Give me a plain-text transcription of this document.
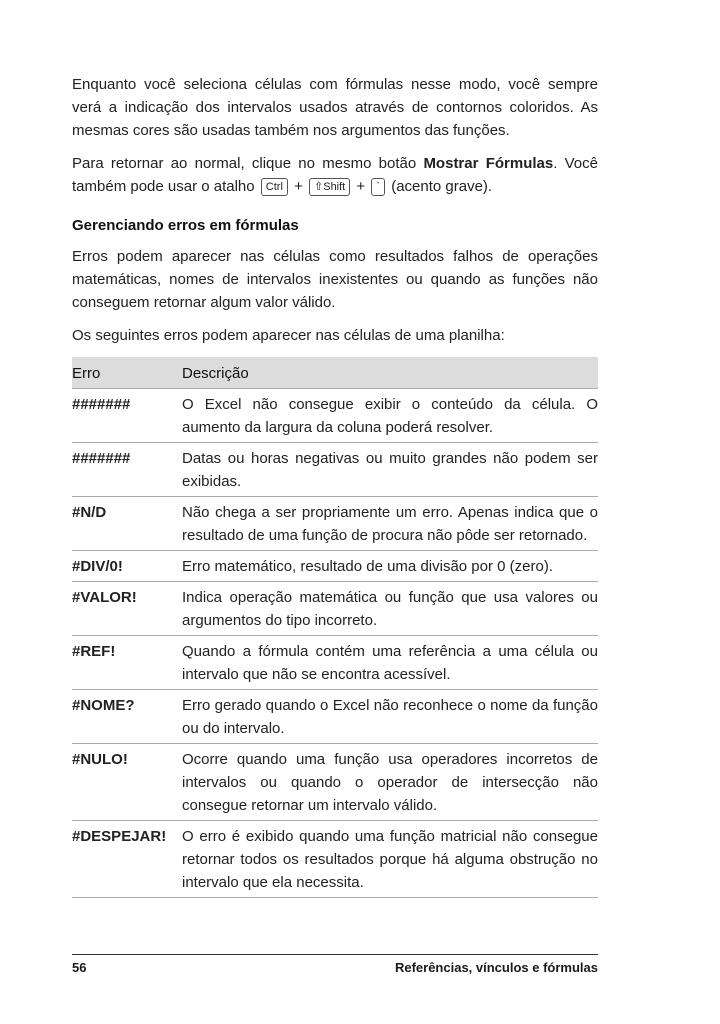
Enquanto você seleciona células com fórmulas nesse modo, você sempre verá a indicação dos intervalos usados através de contornos coloridos. As mesmas cores são usadas também nos argumentos das funções.

Para retornar ao normal, clique no mesmo botão Mostrar Fórmulas. Você também pode usar o atalho Ctrl + ⇧Shift + ` (acento grave).

Gerenciando erros em fórmulas

Erros podem aparecer nas células como resultados falhos de operações matemáticas, nomes de intervalos inexistentes ou quando as funções não conseguem retornar algum valor válido.

Os seguintes erros podem aparecer nas células de uma planilha:

Erro	Descrição
#######	O Excel não consegue exibir o conteúdo da célula. O aumento da largura da coluna poderá resolver.
#######	Datas ou horas negativas ou muito grandes não podem ser exibidas.
#N/D	Não chega a ser propriamente um erro. Apenas indica que o resultado de uma função de procura não pôde ser retornado.
#DIV/0!	Erro matemático, resultado de uma divisão por 0 (zero).
#VALOR!	Indica operação matemática ou função que usa valores ou argumentos do tipo incorreto.
#REF!	Quando a fórmula contém uma referência a uma célula ou intervalo que não se encontra acessível.
#NOME?	Erro gerado quando o Excel não reconhece o nome da função ou do intervalo.
#NULO!	Ocorre quando uma função usa operadores incorretos de intervalos ou quando o operador de intersecção não consegue retornar um intervalo válido.
#DESPEJAR!	O erro é exibido quando uma função matricial não consegue retornar todos os resultados porque há alguma obstrução no intervalo que ela necessita.
56	Referências, vínculos e fórmulas
